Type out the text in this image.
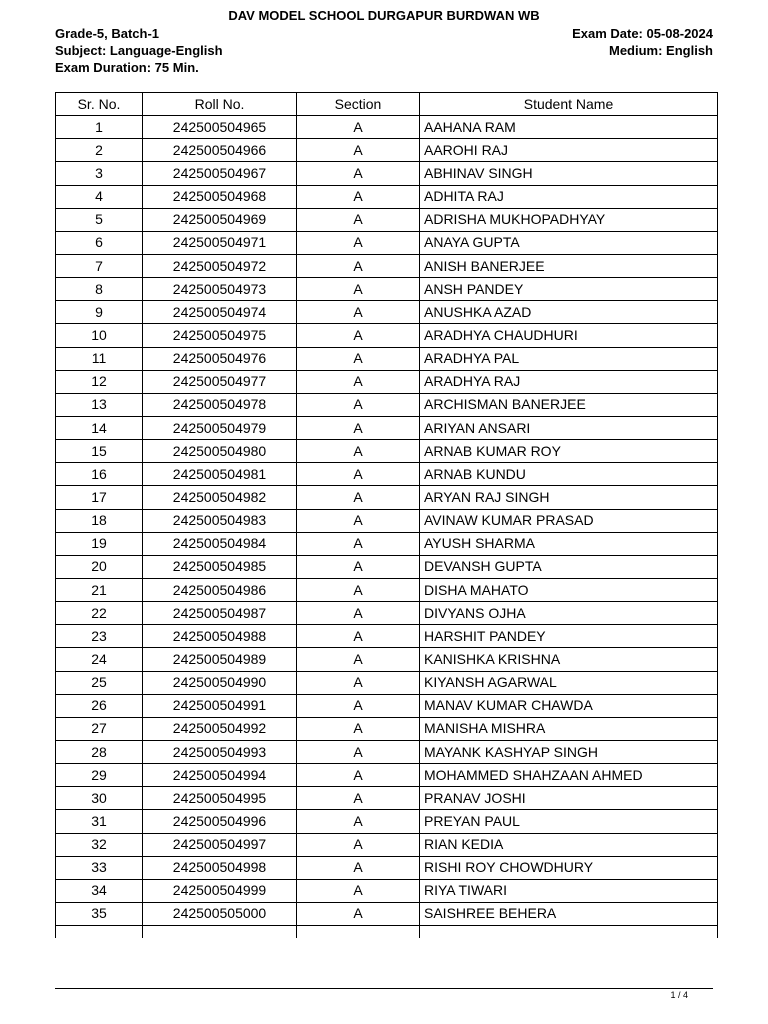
DAV MODEL SCHOOL DURGAPUR BURDWAN WB
Grade-5, Batch-1
Subject: Language-English
Exam Duration: 75 Min.
Exam Date: 05-08-2024
Medium: English
Sr. No.	Roll No.	Section	Student Name
1	242500504965	A	AAHANA RAM
2	242500504966	A	AAROHI RAJ
3	242500504967	A	ABHINAV SINGH
4	242500504968	A	ADHITA RAJ
5	242500504969	A	ADRISHA MUKHOPADHYAY
6	242500504971	A	ANAYA GUPTA
7	242500504972	A	ANISH BANERJEE
8	242500504973	A	ANSH PANDEY
9	242500504974	A	ANUSHKA AZAD
10	242500504975	A	ARADHYA CHAUDHURI
11	242500504976	A	ARADHYA PAL
12	242500504977	A	ARADHYA RAJ
13	242500504978	A	ARCHISMAN BANERJEE
14	242500504979	A	ARIYAN ANSARI
15	242500504980	A	ARNAB KUMAR ROY
16	242500504981	A	ARNAB KUNDU
17	242500504982	A	ARYAN RAJ SINGH
18	242500504983	A	AVINAW KUMAR PRASAD
19	242500504984	A	AYUSH SHARMA
20	242500504985	A	DEVANSH GUPTA
21	242500504986	A	DISHA MAHATO
22	242500504987	A	DIVYANS OJHA
23	242500504988	A	HARSHIT PANDEY
24	242500504989	A	KANISHKA KRISHNA
25	242500504990	A	KIYANSH AGARWAL
26	242500504991	A	MANAV KUMAR CHAWDA
27	242500504992	A	MANISHA MISHRA
28	242500504993	A	MAYANK KASHYAP SINGH
29	242500504994	A	MOHAMMED SHAHZAAN AHMED
30	242500504995	A	PRANAV JOSHI
31	242500504996	A	PREYAN PAUL
32	242500504997	A	RIAN KEDIA
33	242500504998	A	RISHI ROY CHOWDHURY
34	242500504999	A	RIYA TIWARI
35	242500505000	A	SAISHREE BEHERA

1 / 4
